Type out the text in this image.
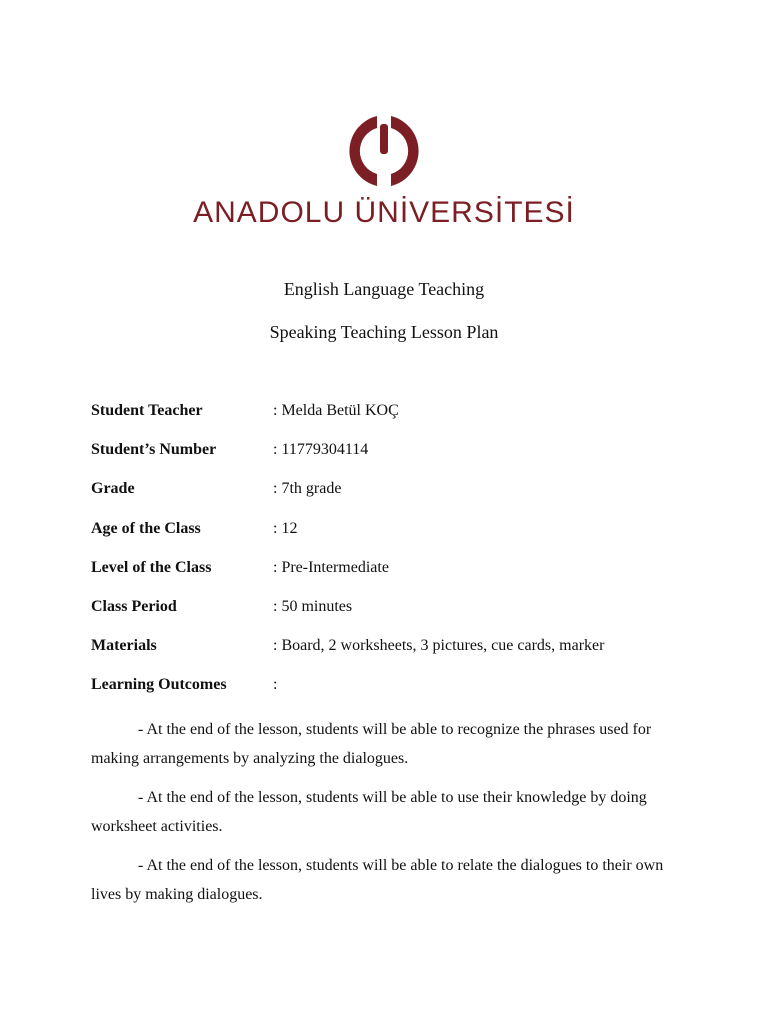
ANADOLU ÜNİVERSİTESİ
English Language Teaching
Speaking Teaching Lesson Plan
Student Teacher	: Melda Betül KOÇ
Student’s Number	: 11779304114
Grade	: 7th grade
Age of the Class	: 12
Level of the Class	: Pre-Intermediate
Class Period	: 50 minutes
Materials	: Board, 2 worksheets, 3 pictures, cue cards, marker
Learning Outcomes	:

- At the end of the lesson, students will be able to recognize the phrases used for making arrangements by analyzing the dialogues.

- At the end of the lesson, students will be able to use their knowledge by doing worksheet activities.

- At the end of the lesson, students will be able to relate the dialogues to their own lives by making dialogues.
